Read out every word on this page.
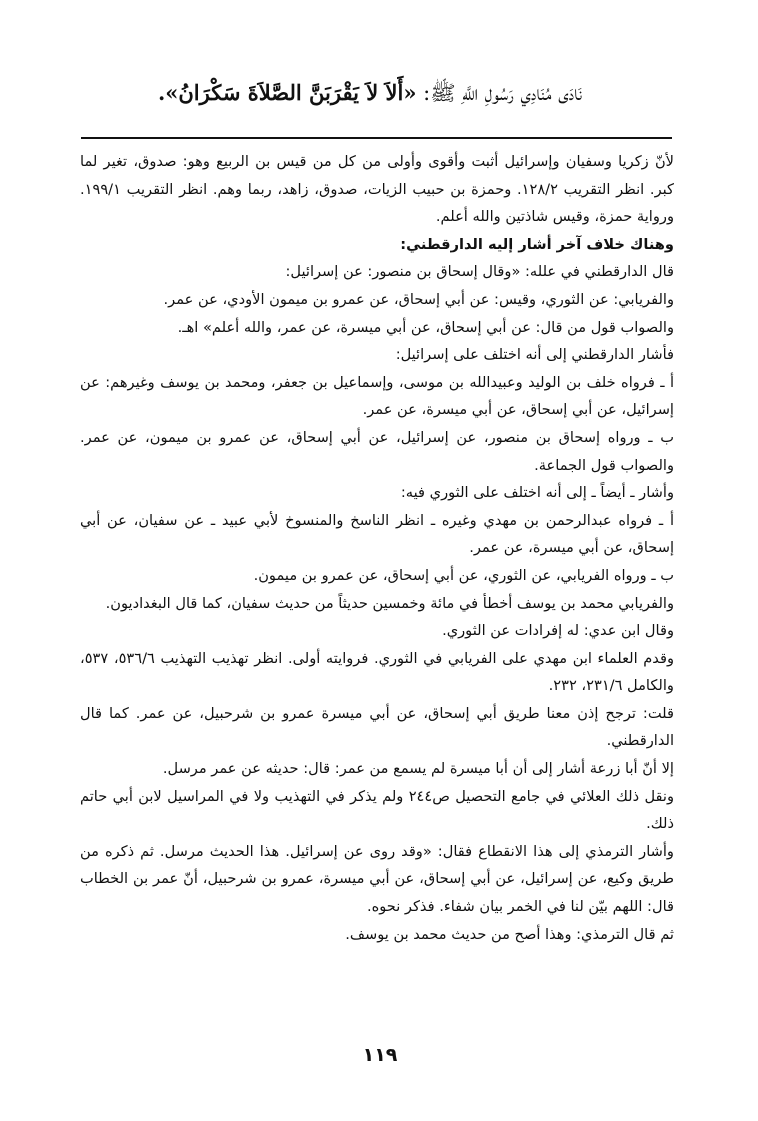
نَادَى مُنَادِي رَسُولِ اللَّهِ ﷺ: «أَلاَ لاَ يَقْرَبَنَّ الصَّلاَةَ سَكْرَانُ».

لأنّ زكريا وسفيان وإسرائيل أثبت وأقوى وأولى من كل من قيس بن الربيع وهو: صدوق، تغير لما كبر. انظر التقريب ١٢٨/٢. وحمزة بن حبيب الزيات، صدوق، زاهد، ربما وهم. انظر التقريب ١٩٩/١. ورواية حمزة، وقيس شاذتين والله أعلم.

وهناك خلاف آخر أشار إليه الدارقطني:

قال الدارقطني في علله: «وقال إسحاق بن منصور: عن إسرائيل:

والفريابي: عن الثوري، وقيس: عن أبي إسحاق، عن عمرو بن ميمون الأودي، عن عمر.

والصواب قول من قال: عن أبي إسحاق، عن أبي ميسرة، عن عمر، والله أعلم» اهـ.

فأشار الدارقطني إلى أنه اختلف على إسرائيل:

أ ـ فرواه خلف بن الوليد وعبيدالله بن موسى، وإسماعيل بن جعفر، ومحمد بن يوسف وغيرهم: عن إسرائيل، عن أبي إسحاق، عن أبي ميسرة، عن عمر.

ب ـ ورواه إسحاق بن منصور، عن إسرائيل، عن أبي إسحاق، عن عمرو بن ميمون، عن عمر. والصواب قول الجماعة.

وأشار ـ أيضاً ـ إلى أنه اختلف على الثوري فيه:

أ ـ فرواه عبدالرحمن بن مهدي وغيره ـ انظر الناسخ والمنسوخ لأبي عبيد ـ عن سفيان، عن أبي إسحاق، عن أبي ميسرة، عن عمر.

ب ـ ورواه الفريابي، عن الثوري، عن أبي إسحاق، عن عمرو بن ميمون.

والفريابي محمد بن يوسف أخطأ في مائة وخمسين حديثاً من حديث سفيان، كما قال البغداديون.

وقال ابن عدي: له إفرادات عن الثوري.

وقدم العلماء ابن مهدي على الفريابي في الثوري. فروايته أولى. انظر تهذيب التهذيب ٥٣٦/٦، ٥٣٧، والكامل ٢٣١/٦، ٢٣٢.

قلت: ترجح إذن معنا طريق أبي إسحاق، عن أبي ميسرة عمرو بن شرحبيل، عن عمر. كما قال الدارقطني.

إلا أنّ أبا زرعة أشار إلى أن أبا ميسرة لم يسمع من عمر: قال: حديثه عن عمر مرسل.

ونقل ذلك العلائي في جامع التحصيل ص٢٤٤ ولم يذكر في التهذيب ولا في المراسيل لابن أبي حاتم ذلك.

وأشار الترمذي إلى هذا الانقطاع فقال: «وقد روى عن إسرائيل. هذا الحديث مرسل. ثم ذكره من طريق وكيع، عن إسرائيل، عن أبي إسحاق، عن أبي ميسرة، عمرو بن شرحبيل، أنّ عمر بن الخطاب قال: اللهم بيّن لنا في الخمر بيان شفاء. فذكر نحوه.

ثم قال الترمذي: وهذا أصح من حديث محمد بن يوسف.

١١٩
